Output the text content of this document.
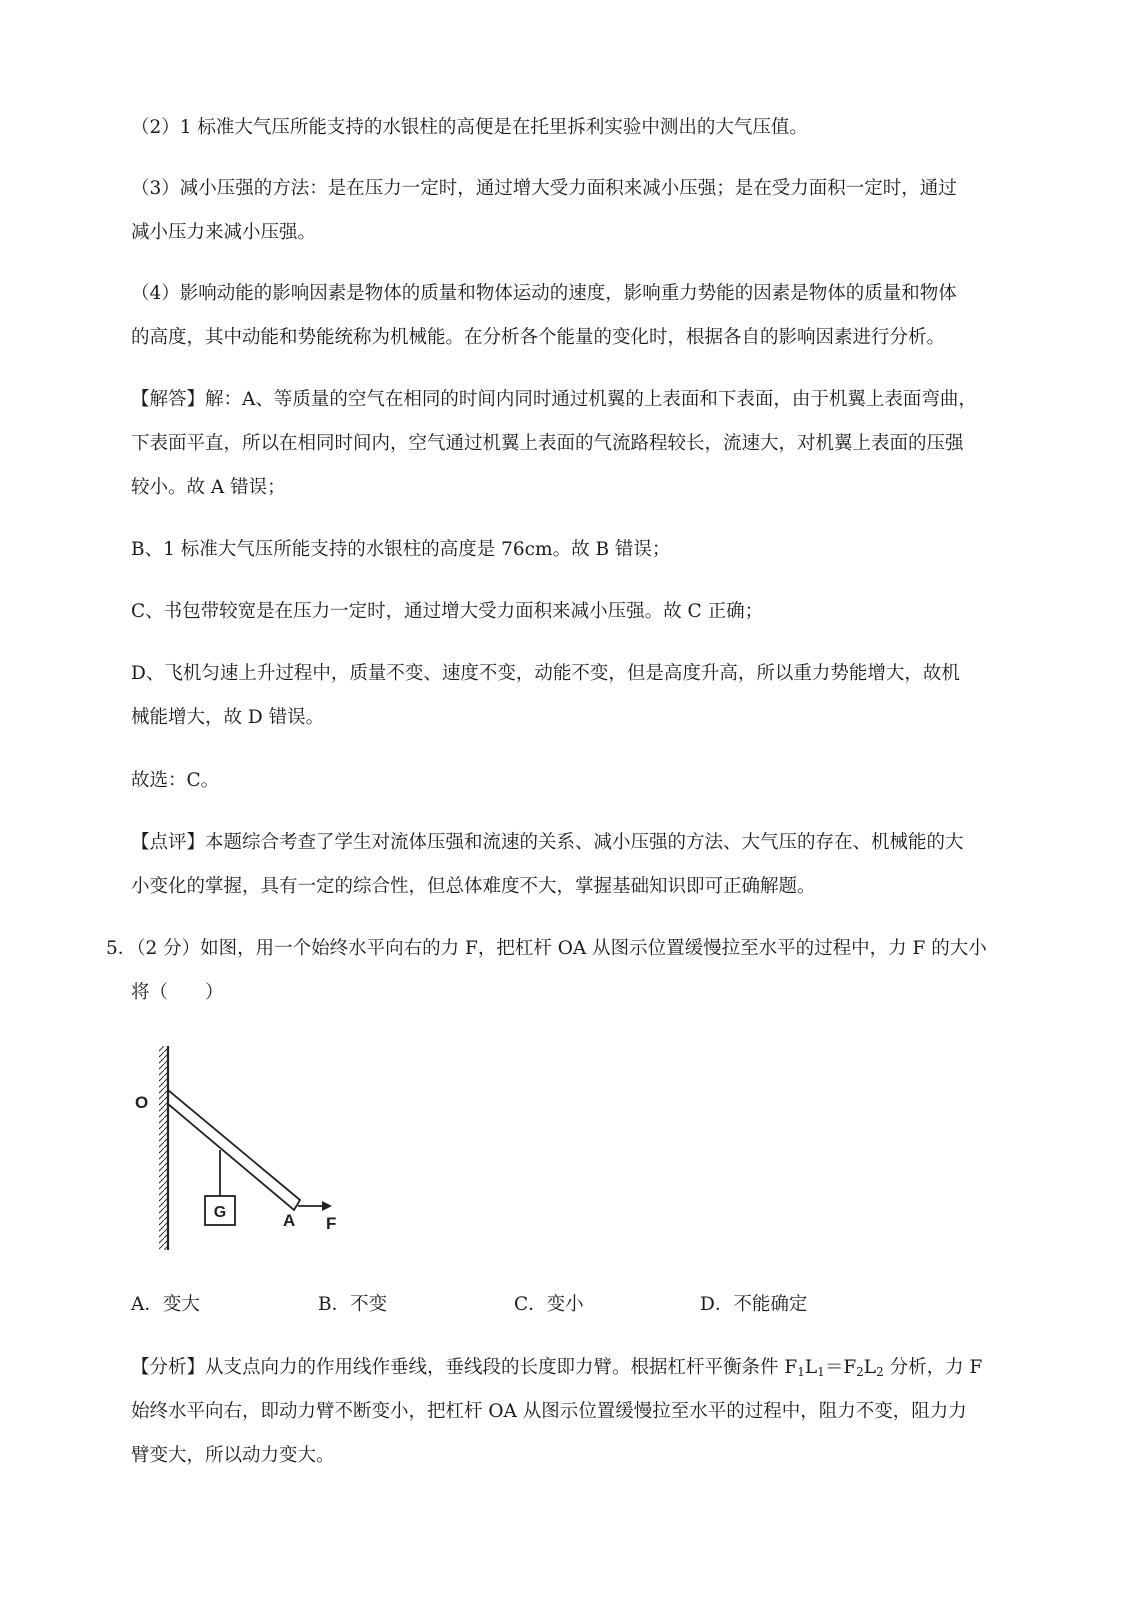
（2）1 标准大气压所能支持的水银柱的高便是在托里拆利实验中测出的大气压值。
（3）减小压强的方法：是在压力一定时，通过增大受力面积来减小压强；是在受力面积一定时，通过
减小压力来减小压强。
（4）影响动能的影响因素是物体的质量和物体运动的速度，影响重力势能的因素是物体的质量和物体
的高度，其中动能和势能统称为机械能。在分析各个能量的变化时，根据各自的影响因素进行分析。
【解答】解：A、等质量的空气在相同的时间内同时通过机翼的上表面和下表面，由于机翼上表面弯曲，
下表面平直，所以在相同时间内，空气通过机翼上表面的气流路程较长，流速大，对机翼上表面的压强
较小。故 A 错误；
B、1 标准大气压所能支持的水银柱的高度是 76cm。故 B 错误；
C、书包带较宽是在压力一定时，通过增大受力面积来减小压强。故 C 正确；
D、飞机匀速上升过程中，质量不变、速度不变，动能不变，但是高度升高，所以重力势能增大，故机
械能增大，故 D 错误。
故选：C。
【点评】本题综合考查了学生对流体压强和流速的关系、减小压强的方法、大气压的存在、机械能的大
小变化的掌握，具有一定的综合性，但总体难度不大，掌握基础知识即可正确解题。
5．（2 分）如图，用一个始终水平向右的力 F，把杠杆 OA 从图示位置缓慢拉至水平的过程中，力 F 的大小
将（　　）
G
O
A F
A．变大	B．不变	C．变小	D．不能确定
【分析】从支点向力的作用线作垂线，垂线段的长度即力臂。根据杠杆平衡条件 $F_1L_1=F_2L_2$ 分析，力 F
始终水平向右，即动力臂不断变小，把杠杆 OA 从图示位置缓慢拉至水平的过程中，阻力不变，阻力力
臂变大，所以动力变大。
